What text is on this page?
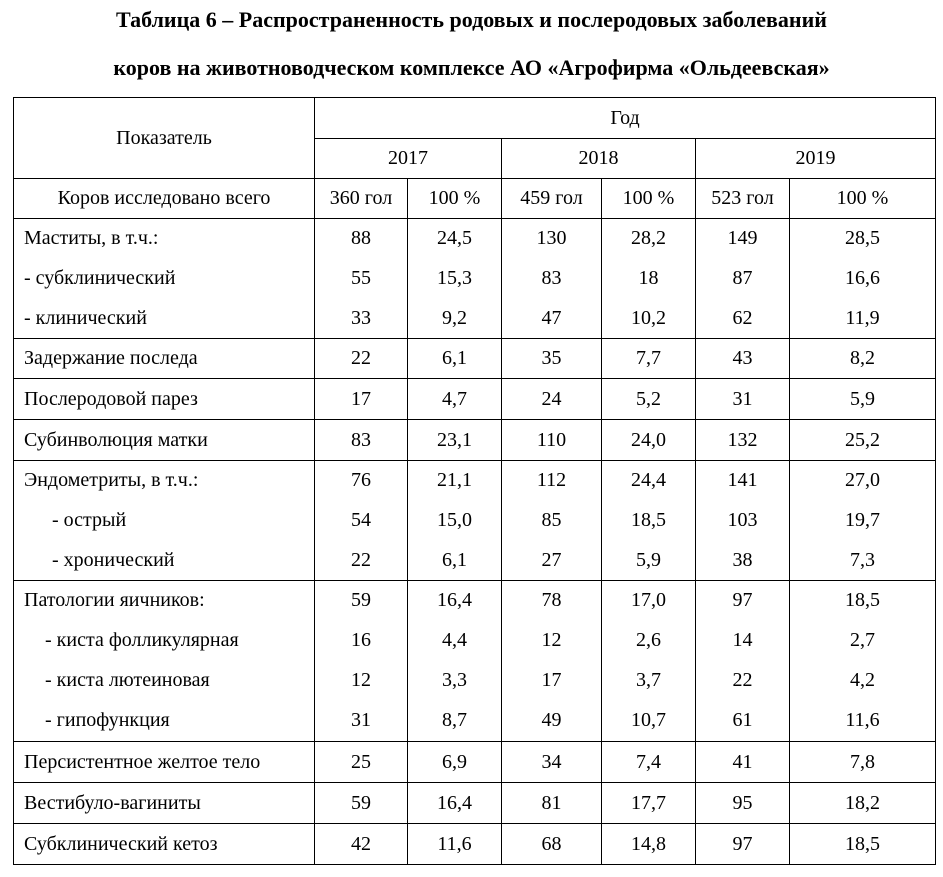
Таблица 6 – Распространенность родовых и послеродовых заболеваний
коров на животноводческом комплексе АО «Агрофирма «Ольдеевская»
Показатель	Год					
	2017		2018		2019	
Коров исследовано всего	360 гол	100 %	459 гол	100 %	523 гол	100 %
Маститы, в т.ч.:	88	24,5	130	28,2	149	28,5
- субклинический	55	15,3	83	18	87	16,6
- клинический	33	9,2	47	10,2	62	11,9
Задержание последа	22	6,1	35	7,7	43	8,2
Послеродовой парез	17	4,7	24	5,2	31	5,9
Субинволюция матки	83	23,1	110	24,0	132	25,2
Эндометриты, в т.ч.:	76	21,1	112	24,4	141	27,0
- острый	54	15,0	85	18,5	103	19,7
- хронический	22	6,1	27	5,9	38	7,3
Патологии яичников:	59	16,4	78	17,0	97	18,5
- киста фолликулярная	16	4,4	12	2,6	14	2,7
- киста лютеиновая	12	3,3	17	3,7	22	4,2
- гипофункция	31	8,7	49	10,7	61	11,6
Персистентное желтое тело	25	6,9	34	7,4	41	7,8
Вестибуло-вагиниты	59	16,4	81	17,7	95	18,2
Субклинический кетоз	42	11,6	68	14,8	97	18,5
